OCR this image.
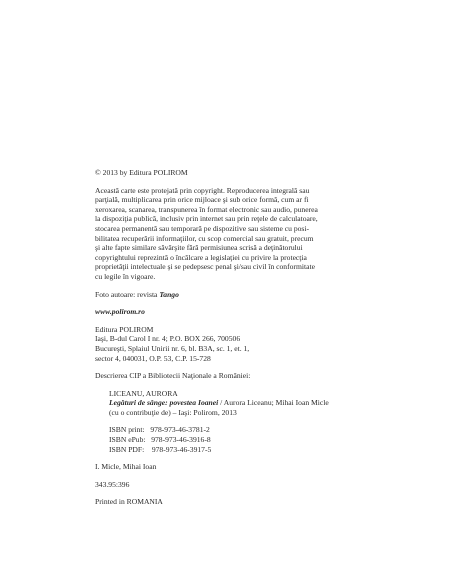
© 2013 by Editura POLIROM

Această carte este protejată prin copyright. Reproducerea integrală sau
parţială, multiplicarea prin orice mijloace şi sub orice formă, cum ar fi
xeroxarea, scanarea, transpunerea în format electronic sau audio, punerea
la dispoziţia publică, inclusiv prin internet sau prin reţele de calculatoare,
stocarea permanentă sau temporară pe dispozitive sau sisteme cu posi-
bilitatea recuperării informaţiilor, cu scop comercial sau gratuit, precum
şi alte fapte similare săvârşite fără permisiunea scrisă a deţinătorului
copyrightului reprezintă o încălcare a legislaţiei cu privire la protecţia
proprietăţii intelectuale şi se pedepsesc penal şi/sau civil în conformitate
cu legile în vigoare.

Foto autoare: revista Tango

www.polirom.ro

Editura POLIROM
Iaşi, B-dul Carol I nr. 4; P.O. BOX 266, 700506
Bucureşti, Splaiul Unirii nr. 6, bl. B3A, sc. 1, et. 1,
sector 4, 040031, O.P. 53, C.P. 15-728

Descrierea CIP a Bibliotecii Naţionale a României:

LICEANU, AURORA
Legături de sânge: povestea Ioanei / Aurora Liceanu; Mihai Ioan Micle
(cu o contribuţie de) – Iaşi: Polirom, 2013
ISBN print:   978-973-46-3781-2
ISBN ePub:   978-973-46-3916-8
ISBN PDF:    978-973-46-3917-5

I. Micle, Mihai Ioan

343.95:396

Printed in ROMANIA
